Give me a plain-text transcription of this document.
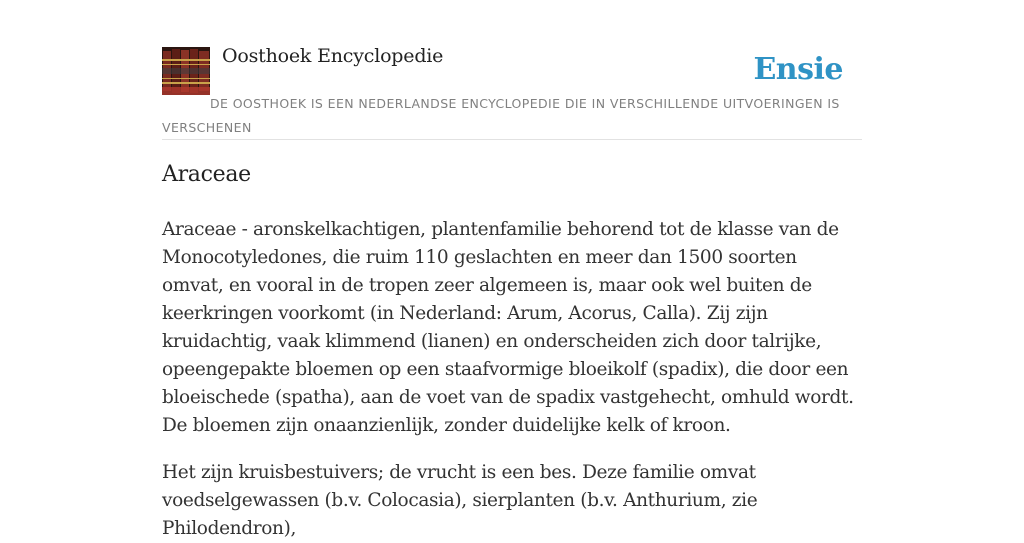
Oosthoek Encyclopedie	Ensie
DE OOSTHOEK IS EEN NEDERLANDSE ENCYCLOPEDIE DIE IN VERSCHILLENDE UITVOERINGEN IS VERSCHENEN
Araceae

Araceae - aronskelkachtigen, plantenfamilie behorend tot de klasse van de Monocotyledones, die ruim 110 geslachten en meer dan 1500 soorten omvat, en vooral in de tropen zeer algemeen is, maar ook wel buiten de keerkringen voorkomt (in Nederland: Arum, Acorus, Calla). Zij zijn kruidachtig, vaak klimmend (lianen) en onderscheiden zich door talrijke, opeengepakte bloemen op een staafvormige bloeikolf (spadix), die door een bloeischede (spatha), aan de voet van de spadix vastgehecht, omhuld wordt. De bloemen zijn onaanzienlijk, zonder duidelijke kelk of kroon.

Het zijn kruisbestuivers; de vrucht is een bes. Deze familie omvat voedselgewassen (b.v. Colocasia), sierplanten (b.v. Anthurium, zie Philodendron),
